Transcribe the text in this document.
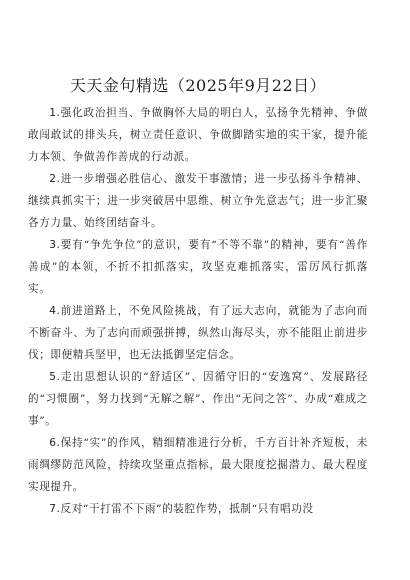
天天金句精选（2025年9月22日）

1.强化政治担当、争做胸怀大局的明白人，弘扬争先精神、争做敢闯敢试的排头兵，树立责任意识、争做脚踏实地的实干家，提升能力本领、争做善作善成的行动派。

2.进一步增强必胜信心、激发干事激情；进一步弘扬斗争精神、继续真抓实干；进一步突破居中思维、树立争先意志气；进一步汇聚各方力量、始终团结奋斗。

3.要有“争先争位”的意识，要有“不等不靠”的精神，要有“善作善成”的本领，不折不扣抓落实，攻坚克难抓落实，雷厉风行抓落实。

4.前进道路上，不免风险挑战，有了远大志向，就能为了志向而不断奋斗、为了志向而顽强拼搏，纵然山海尽头，亦不能阻止前进步伐；即便精兵坚甲，也无法抵御坚定信念。

5.走出思想认识的“舒适区”、因循守旧的“安逸窝”、发展路径的“习惯圈”，努力找到“无解之解”、作出“无问之答”、办成“难成之事”。

6.保持“实”的作风，精细精准进行分析，千方百计补齐短板，未雨绸缪防范风险，持续攻坚重点指标，最大限度挖掘潜力、最大程度实现提升。

7.反对“干打雷不下雨”的装腔作势，抵制“只有唱功没
